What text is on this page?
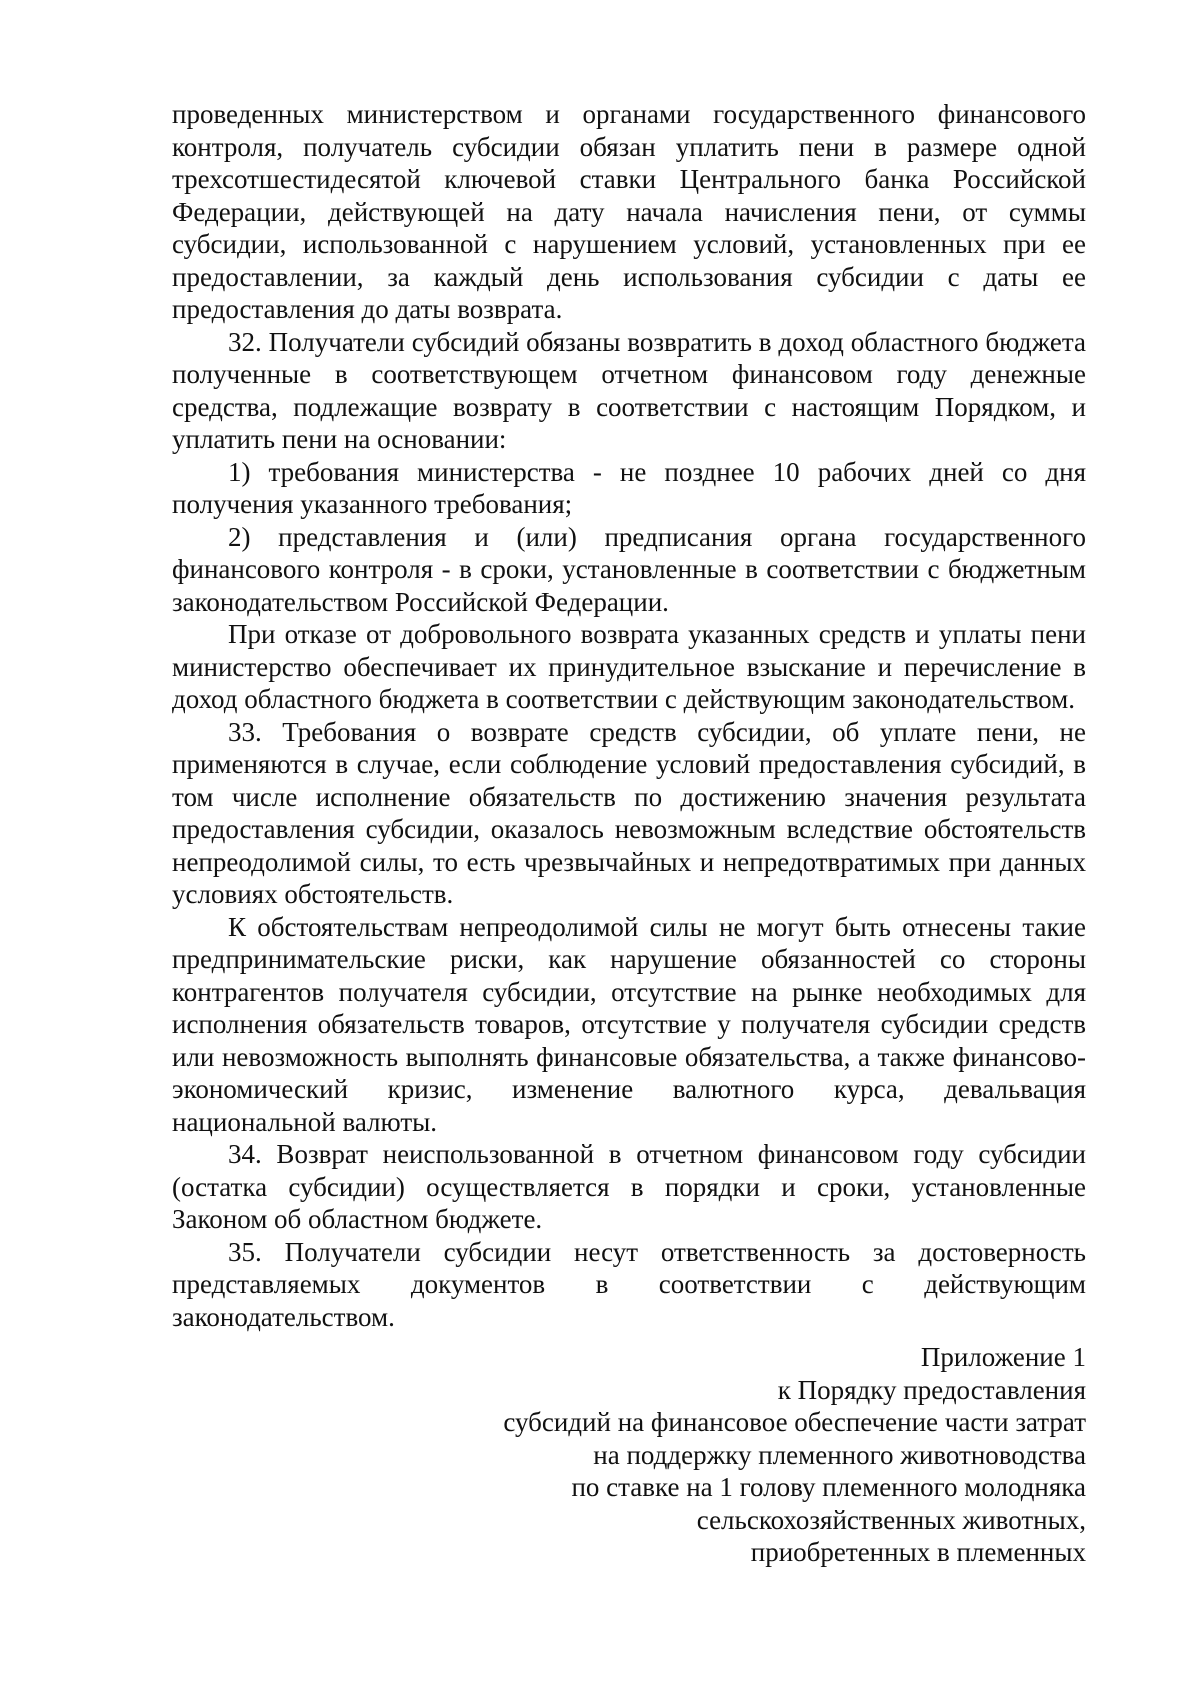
проведенных министерством и органами государственного финансового контроля, получатель субсидии обязан уплатить пени в размере одной трехсотшестидесятой ключевой ставки Центрального банка Российской Федерации, действующей на дату начала начисления пени, от суммы субсидии, использованной с нарушением условий, установленных при ее предоставлении, за каждый день использования субсидии с даты ее предоставления до даты возврата.

32. Получатели субсидий обязаны возвратить в доход областного бюджета полученные в соответствующем отчетном финансовом году денежные средства, подлежащие возврату в соответствии с настоящим Порядком, и уплатить пени на основании:

1) требования министерства - не позднее 10 рабочих дней со дня получения указанного требования;

2) представления и (или) предписания органа государственного финансового контроля - в сроки, установленные в соответствии с бюджетным законодательством Российской Федерации.

При отказе от добровольного возврата указанных средств и уплаты пени министерство обеспечивает их принудительное взыскание и перечисление в доход областного бюджета в соответствии с действующим законодательством.

33. Требования о возврате средств субсидии, об уплате пени, не применяются в случае, если соблюдение условий предоставления субсидий, в том числе исполнение обязательств по достижению значения результата предоставления субсидии, оказалось невозможным вследствие обстоятельств непреодолимой силы, то есть чрезвычайных и непредотвратимых при данных условиях обстоятельств.

К обстоятельствам непреодолимой силы не могут быть отнесены такие предпринимательские риски, как нарушение обязанностей со стороны контрагентов получателя субсидии, отсутствие на рынке необходимых для исполнения обязательств товаров, отсутствие у получателя субсидии средств или невозможность выполнять финансовые обязательства, а также финансово-экономический кризис, изменение валютного курса, девальвация национальной валюты.

34. Возврат неиспользованной в отчетном финансовом году субсидии (остатка субсидии) осуществляется в порядки и сроки, установленные Законом об областном бюджете.

35. Получатели субсидии несут ответственность за достоверность представляемых документов в соответствии с действующим законодательством.

Приложение 1
к Порядку предоставления
субсидий на финансовое обеспечение части затрат
на поддержку племенного животноводства
по ставке на 1 голову племенного молодняка
сельскохозяйственных животных,
приобретенных в племенных
